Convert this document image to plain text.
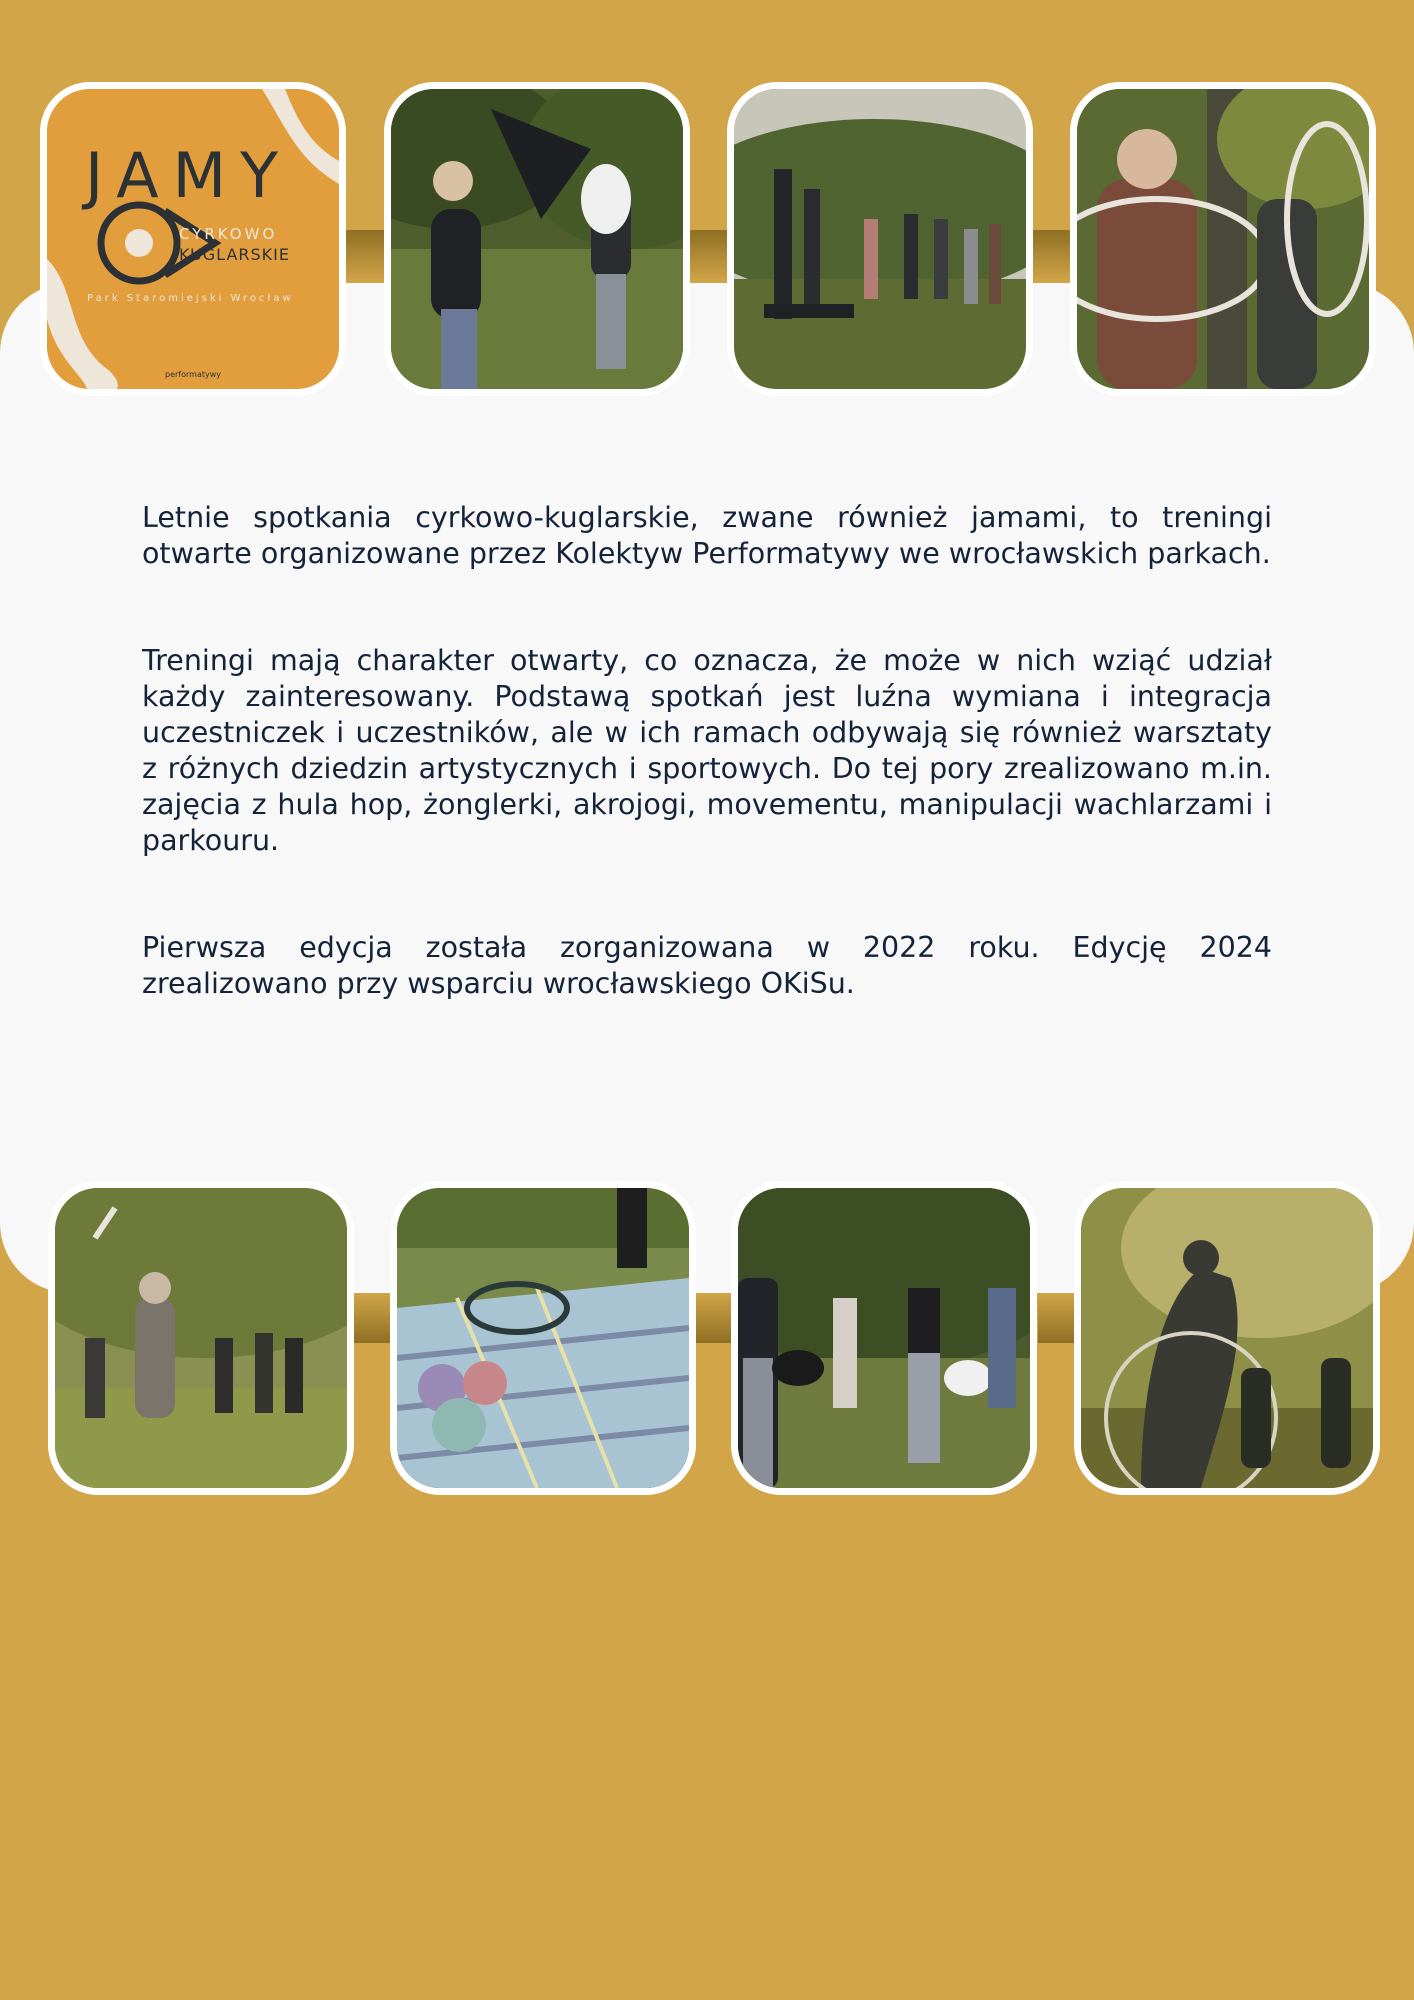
JAMY
CYRKOWO
KUGLARSKIE
Park Staromiejski Wrocław
performatywy

Letnie spotkania cyrkowo-kuglarskie, zwane również jamami, to treningi otwarte organizowane przez Kolektyw Performatywy we wrocławskich parkach.

Treningi mają charakter otwarty, co oznacza, że może w nich wziąć udział każdy zainteresowany. Podstawą spotkań jest luźna wymiana i integracja uczestniczek i uczestników, ale w ich ramach odbywają się również warsztaty z różnych dziedzin artystycznych i sportowych. Do tej pory zrealizowano m.in. zajęcia z hula hop, żonglerki, akrojogi, movementu, manipulacji wachlarzami i parkouru.

Pierwsza edycja została zorganizowana w 2022 roku. Edycję 2024 zrealizowano przy wsparciu wrocławskiego OKiSu.
